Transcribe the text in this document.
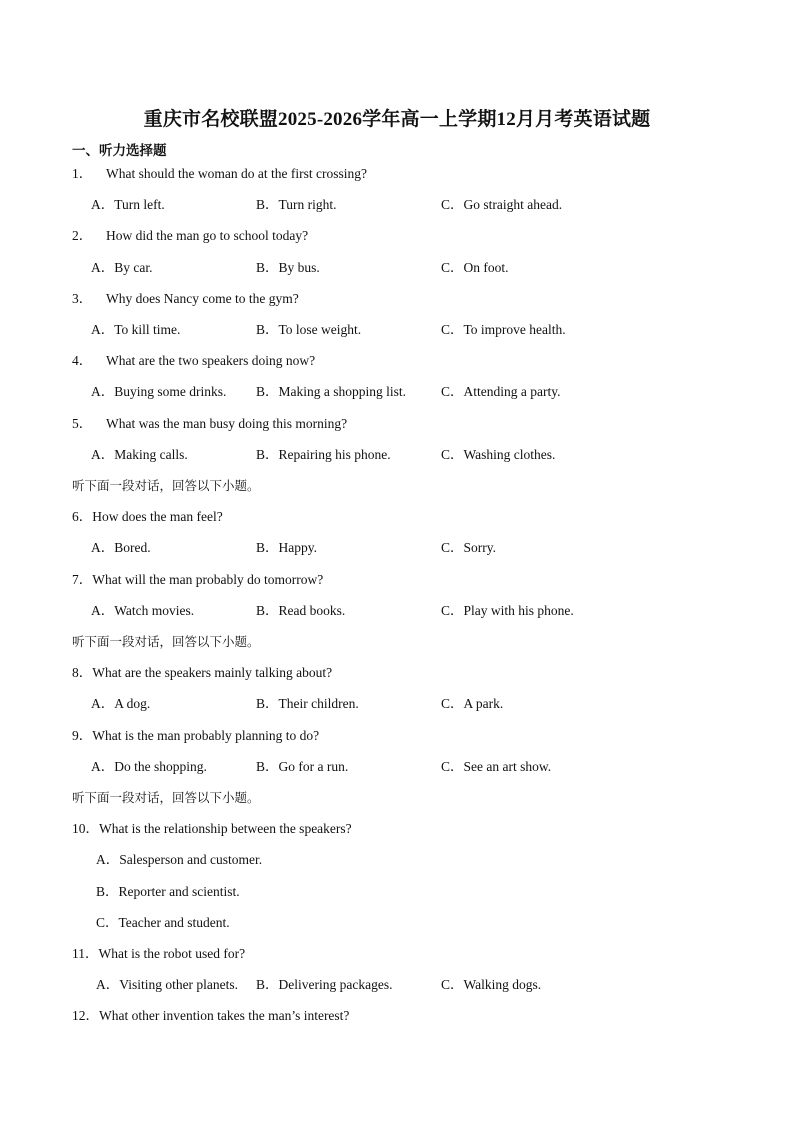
重庆市名校联盟2025-2026学年高一上学期12月月考英语试题
一、听力选择题
1． What should the woman do at the first crossing?
A．Turn left.	B．Turn right.	C．Go straight ahead.
2． How did the man go to school today?
A．By car.	B．By bus.	C．On foot.
3． Why does Nancy come to the gym?
A．To kill time.	B．To lose weight.	C．To improve health.
4． What are the two speakers doing now?
A．Buying some drinks. B．Making a shopping list.	C．Attending a party.
5． What was the man busy doing this morning?
A．Making calls.	B．Repairing his phone.	C．Washing clothes.
听下面一段对话，回答以下小题。
6．How does the man feel?
A．Bored.	B．Happy.	C．Sorry.
7．What will the man probably do tomorrow?
A．Watch movies.	B．Read books.	C．Play with his phone.
听下面一段对话，回答以下小题。
8．What are the speakers mainly talking about?
A．A dog.	B．Their children.	C．A park.
9．What is the man probably planning to do?
A．Do the shopping.	B．Go for a run.	C．See an art show.
听下面一段对话，回答以下小题。
10．What is the relationship between the speakers?
A．Salesperson and customer.
B．Reporter and scientist.
C．Teacher and student.
11．What is the robot used for?
A．Visiting other planets. B．Delivering packages.	C．Walking dogs.
12．What other invention takes the man’s interest?
